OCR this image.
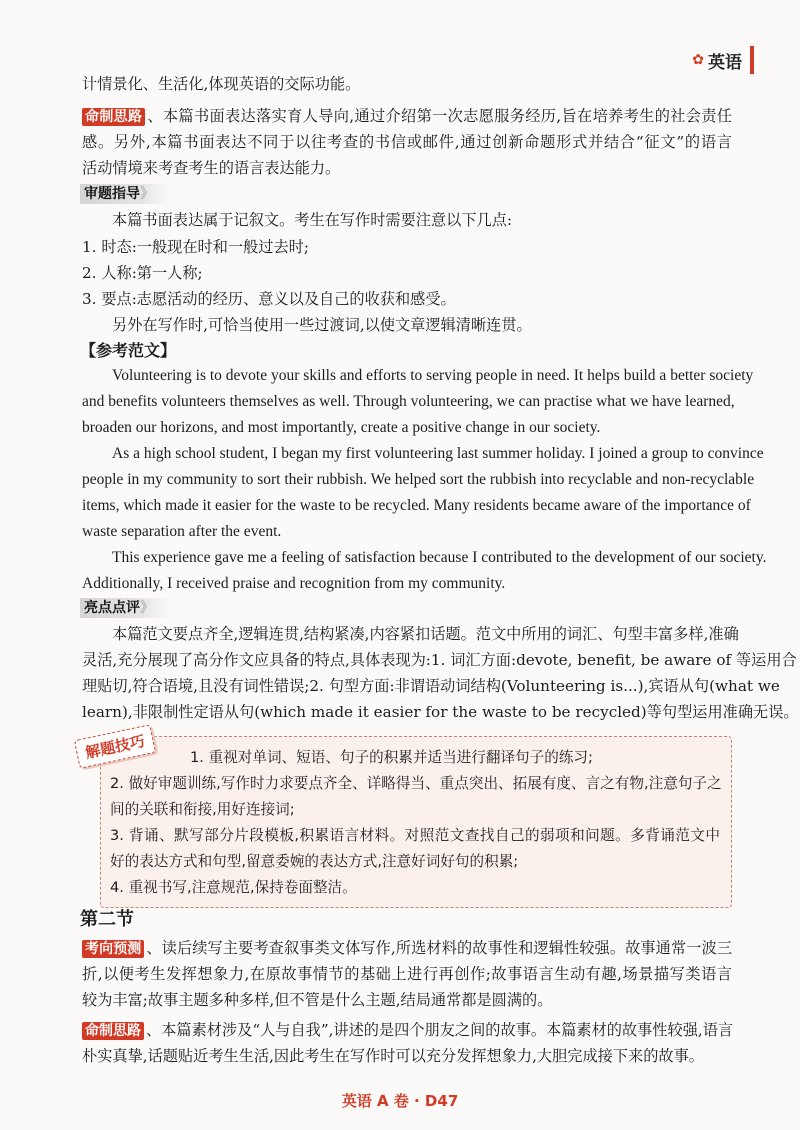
✿ 英语
计情景化、生活化,体现英语的交际功能。
命制思路 、本篇书面表达落实育人导向,通过介绍第一次志愿服务经历,旨在培养考生的社会责任
感。另外,本篇书面表达不同于以往考查的书信或邮件,通过创新命题形式并结合“征文”的语言
活动情境来考查考生的语言表达能力。
审题指导》
本篇书面表达属于记叙文。考生在写作时需要注意以下几点:
1. 时态:一般现在时和一般过去时;
2. 人称:第一人称;
3. 要点:志愿活动的经历、意义以及自己的收获和感受。
另外在写作时,可恰当使用一些过渡词,以使文章逻辑清晰连贯。
【参考范文】
Volunteering is to devote your skills and efforts to serving people in need. It helps build a better society
and benefits volunteers themselves as well. Through volunteering, we can practise what we have learned,
broaden our horizons, and most importantly, create a positive change in our society.
As a high school student, I began my first volunteering last summer holiday. I joined a group to convince
people in my community to sort their rubbish. We helped sort the rubbish into recyclable and non-recyclable
items, which made it easier for the waste to be recycled. Many residents became aware of the importance of
waste separation after the event.
This experience gave me a feeling of satisfaction because I contributed to the development of our society.
Additionally, I received praise and recognition from my community.
亮点点评》
本篇范文要点齐全,逻辑连贯,结构紧凑,内容紧扣话题。范文中所用的词汇、句型丰富多样,准确
灵活,充分展现了高分作文应具备的特点,具体表现为:1. 词汇方面:devote, benefit, be aware of 等运用合
理贴切,符合语境,且没有词性错误;2. 句型方面:非谓语动词结构(Volunteering is...),宾语从句(what we
learn),非限制性定语从句(which made it easier for the waste to be recycled)等句型运用准确无误。
解题技巧	1. 重视对单词、短语、句子的积累并适当进行翻译句子的练习;
2. 做好审题训练,写作时力求要点齐全、详略得当、重点突出、拓展有度、言之有物,注意句子之
间的关联和衔接,用好连接词;
3. 背诵、默写部分片段模板,积累语言材料。对照范文查找自己的弱项和问题。多背诵范文中
好的表达方式和句型,留意委婉的表达方式,注意好词好句的积累;
4. 重视书写,注意规范,保持卷面整洁。
第二节
考向预测 、读后续写主要考查叙事类文体写作,所选材料的故事性和逻辑性较强。故事通常一波三
折,以便考生发挥想象力,在原故事情节的基础上进行再创作;故事语言生动有趣,场景描写类语言
较为丰富;故事主题多种多样,但不管是什么主题,结局通常都是圆满的。
命制思路 、本篇素材涉及“人与自我”,讲述的是四个朋友之间的故事。本篇素材的故事性较强,语言
朴实真挚,话题贴近考生生活,因此考生在写作时可以充分发挥想象力,大胆完成接下来的故事。
英语 A 卷 · D47
